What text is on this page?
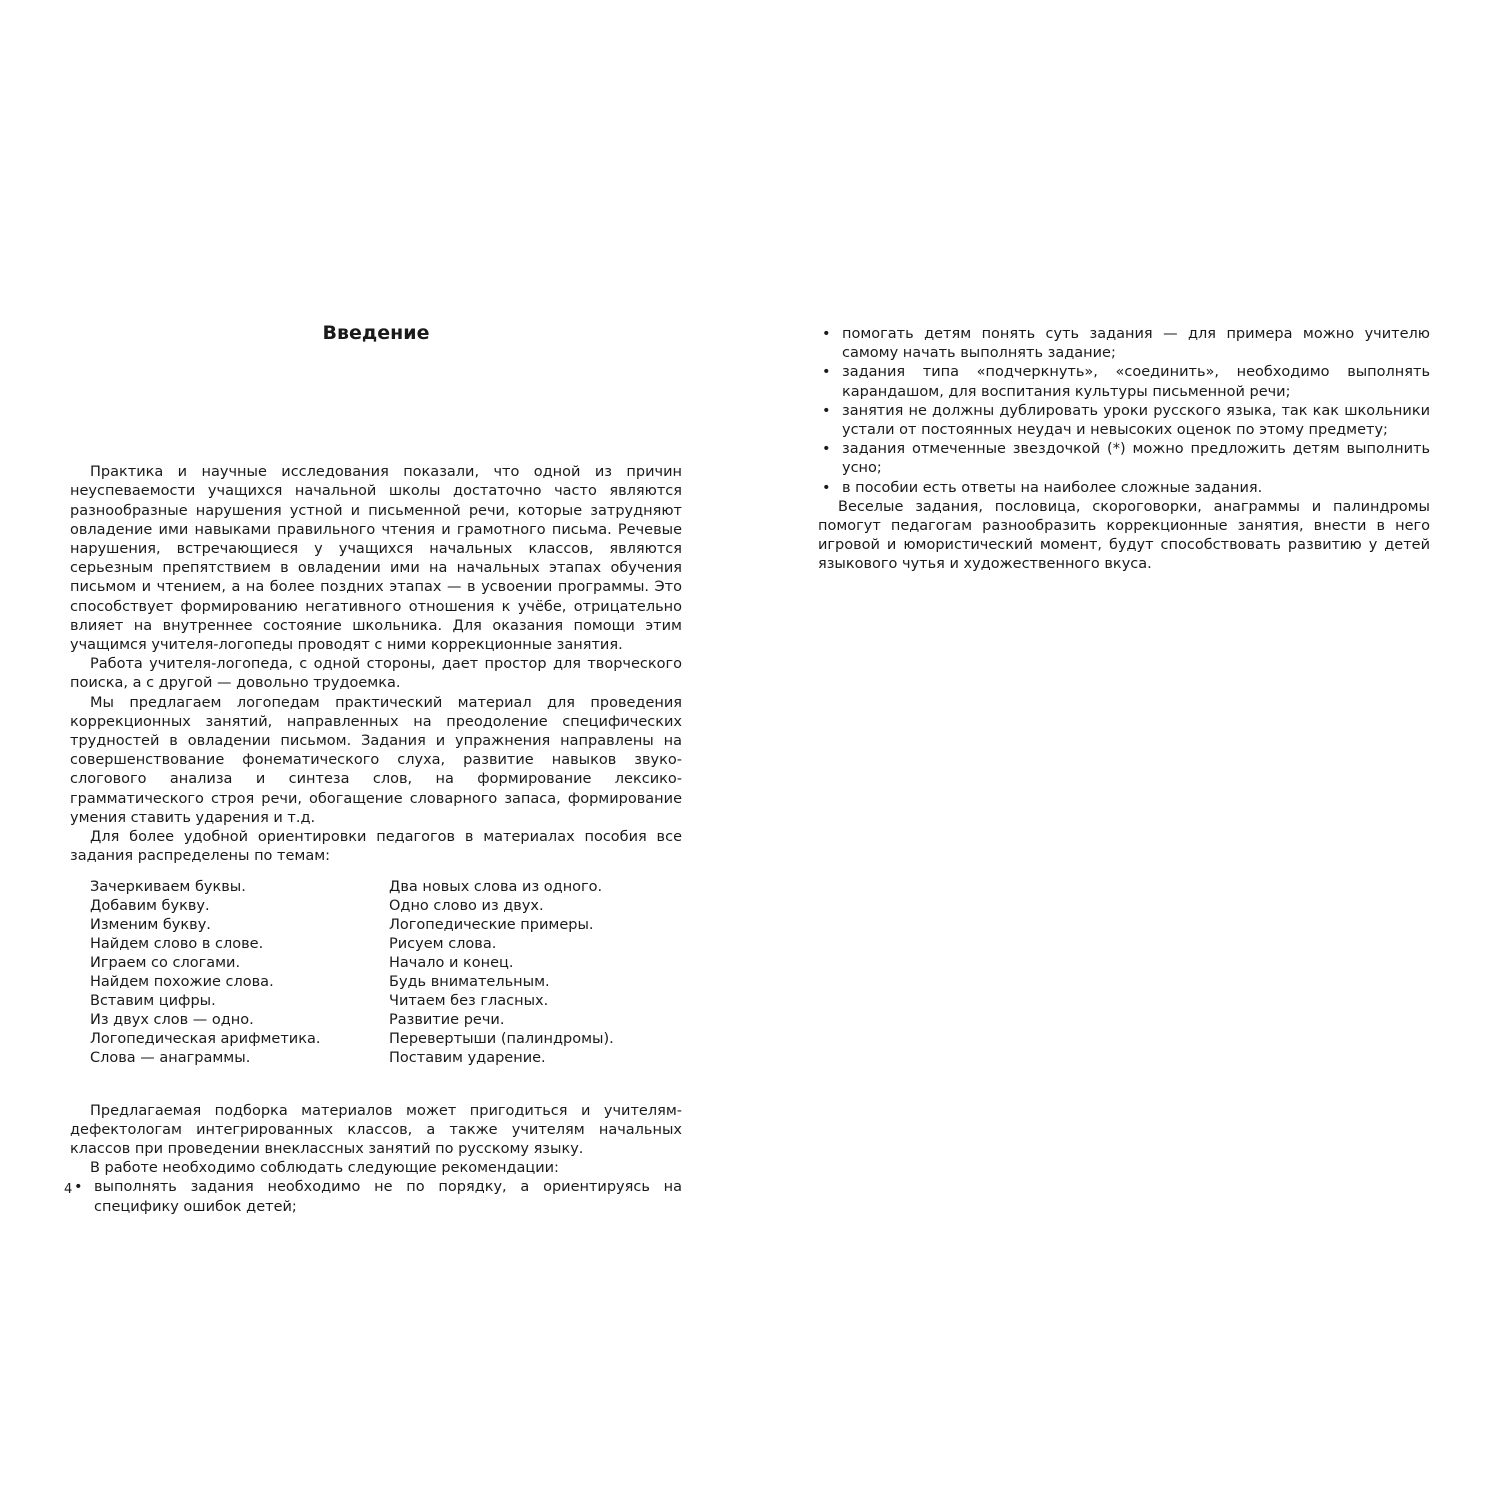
Введение

Практика и научные исследования показали, что одной из причин неуспеваемости учащихся начальной школы достаточно часто являются разнообразные нарушения устной и письменной речи, которые затрудняют овладение ими навыками правильного чтения и грамотного письма. Речевые нарушения, встречающиеся у учащихся начальных классов, являются серьезным препятствием в овладении ими на начальных этапах обучения письмом и чтением, а на более поздних этапах — в усвоении программы. Это способствует формированию негативного отношения к учёбе, отрицательно влияет на внутреннее состояние школьника. Для оказания помощи этим учащимся учителя-логопеды проводят с ними коррекционные занятия.

Работа учителя-логопеда, с одной стороны, дает простор для творческого поиска, а с другой — довольно трудоемка.

Мы предлагаем логопедам практический материал для проведения коррекционных занятий, направленных на преодоление специфических трудностей в овладении письмом. Задания и упражнения направлены на совершенствование фонематического слуха, развитие навыков звуко-слогового анализа и синтеза слов, на формирование лексико-грамматического строя речи, обогащение словарного запаса, формирование умения ставить ударения и т.д.

Для более удобной ориентировки педагогов в материалах пособия все задания распределены по темам:

Зачеркиваем буквы.
Добавим букву.
Изменим букву.
Найдем слово в слове.
Играем со слогами.
Найдем похожие слова.
Вставим цифры.
Из двух слов — одно.
Логопедическая арифметика.
Слова — анаграммы.
Два новых слова из одного.
Одно слово из двух.
Логопедические примеры.
Рисуем слова.
Начало и конец.
Будь внимательным.
Читаем без гласных.
Развитие речи.
Перевертыши (палиндромы).
Поставим ударение.

Предлагаемая подборка материалов может пригодиться и учителям-дефектологам интегрированных классов, а также учителям начальных классов при проведении внеклассных занятий по русскому языку.

В работе необходимо соблюдать следующие рекомендации:

• выполнять задания необходимо не по порядку, а ориентируясь на специфику ошибок детей;
4
• помогать детям понять суть задания — для примера можно учителю самому начать выполнять задание;
• задания типа «подчеркнуть», «соединить», необходимо выполнять карандашом, для воспитания культуры письменной речи;
• занятия не должны дублировать уроки русского языка, так как школьники устали от постоянных неудач и невысоких оценок по этому предмету;
• задания отмеченные звездочкой (*) можно предложить детям выполнить усно;
• в пособии есть ответы на наиболее сложные задания.

Веселые задания, пословица, скороговорки, анаграммы и палиндромы помогут педагогам разнообразить коррекционные занятия, внести в него игровой и юмористический момент, будут способствовать развитию у детей языкового чутья и художественного вкуса.
